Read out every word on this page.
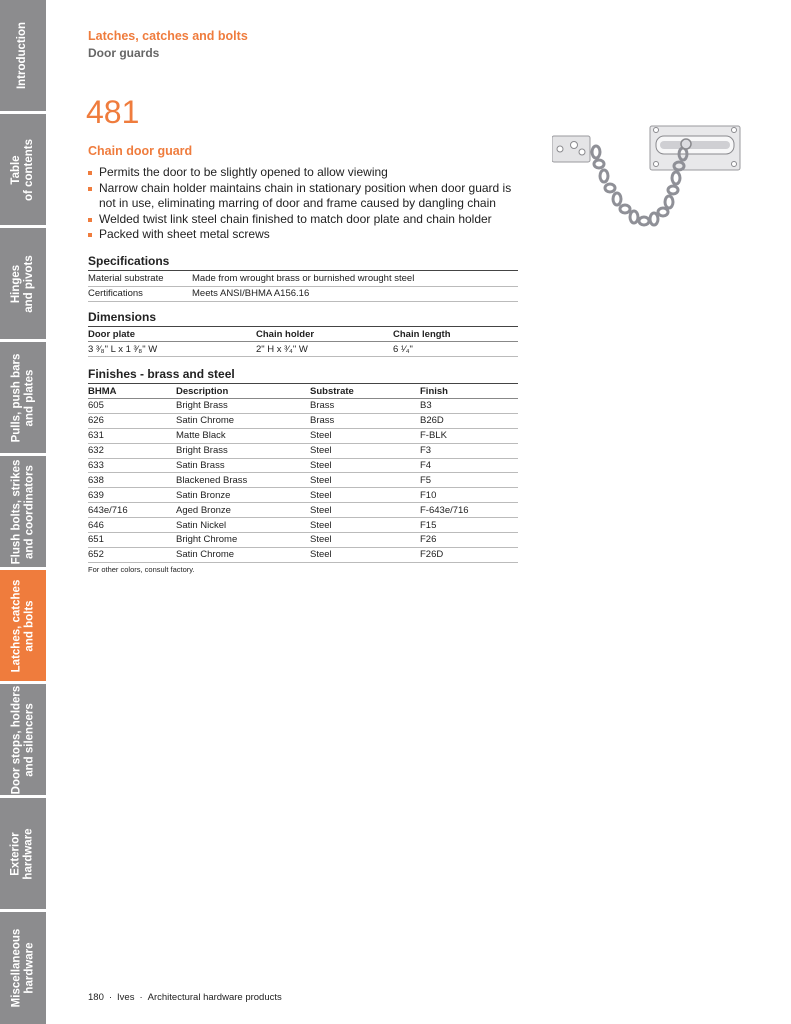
Introduction
Table
of contents
Hinges
and pivots
Pulls, push bars
and plates
Flush bolts, strikes
and coordinators
Latches, catches
and bolts
Door stops, holders
and silencers
Exterior
hardware
Miscellaneous
hardware
Latches, catches and bolts
Door guards
481
Chain door guard
Permits the door to be slightly opened to allow viewing
Narrow chain holder maintains chain in stationary position when door guard is not in use, eliminating marring of door and frame caused by dangling chain
Welded twist link steel chain finished to match door plate and chain holder
Packed with sheet metal screws
Specifications
Material substrate	Made from wrought brass or burnished wrought steel
Certifications	Meets ANSI/BHMA A156.16
Dimensions
Door plate	Chain holder	Chain length
3 ³⁄₈" L x 1 ³⁄₈" W	2" H x ³⁄₄" W	6 ¹⁄₄"
Finishes - brass and steel
BHMA	Description	Substrate	Finish
605	Bright Brass	Brass	B3
626	Satin Chrome	Brass	B26D
631	Matte Black	Steel	F-BLK
632	Bright Brass	Steel	F3
633	Satin Brass	Steel	F4
638	Blackened Brass	Steel	F5
639	Satin Bronze	Steel	F10
643e/716	Aged Bronze	Steel	F-643e/716
646	Satin Nickel	Steel	F15
651	Bright Chrome	Steel	F26
652	Satin Chrome	Steel	F26D
For other colors, consult factory.
180 · Ives · Architectural hardware products
